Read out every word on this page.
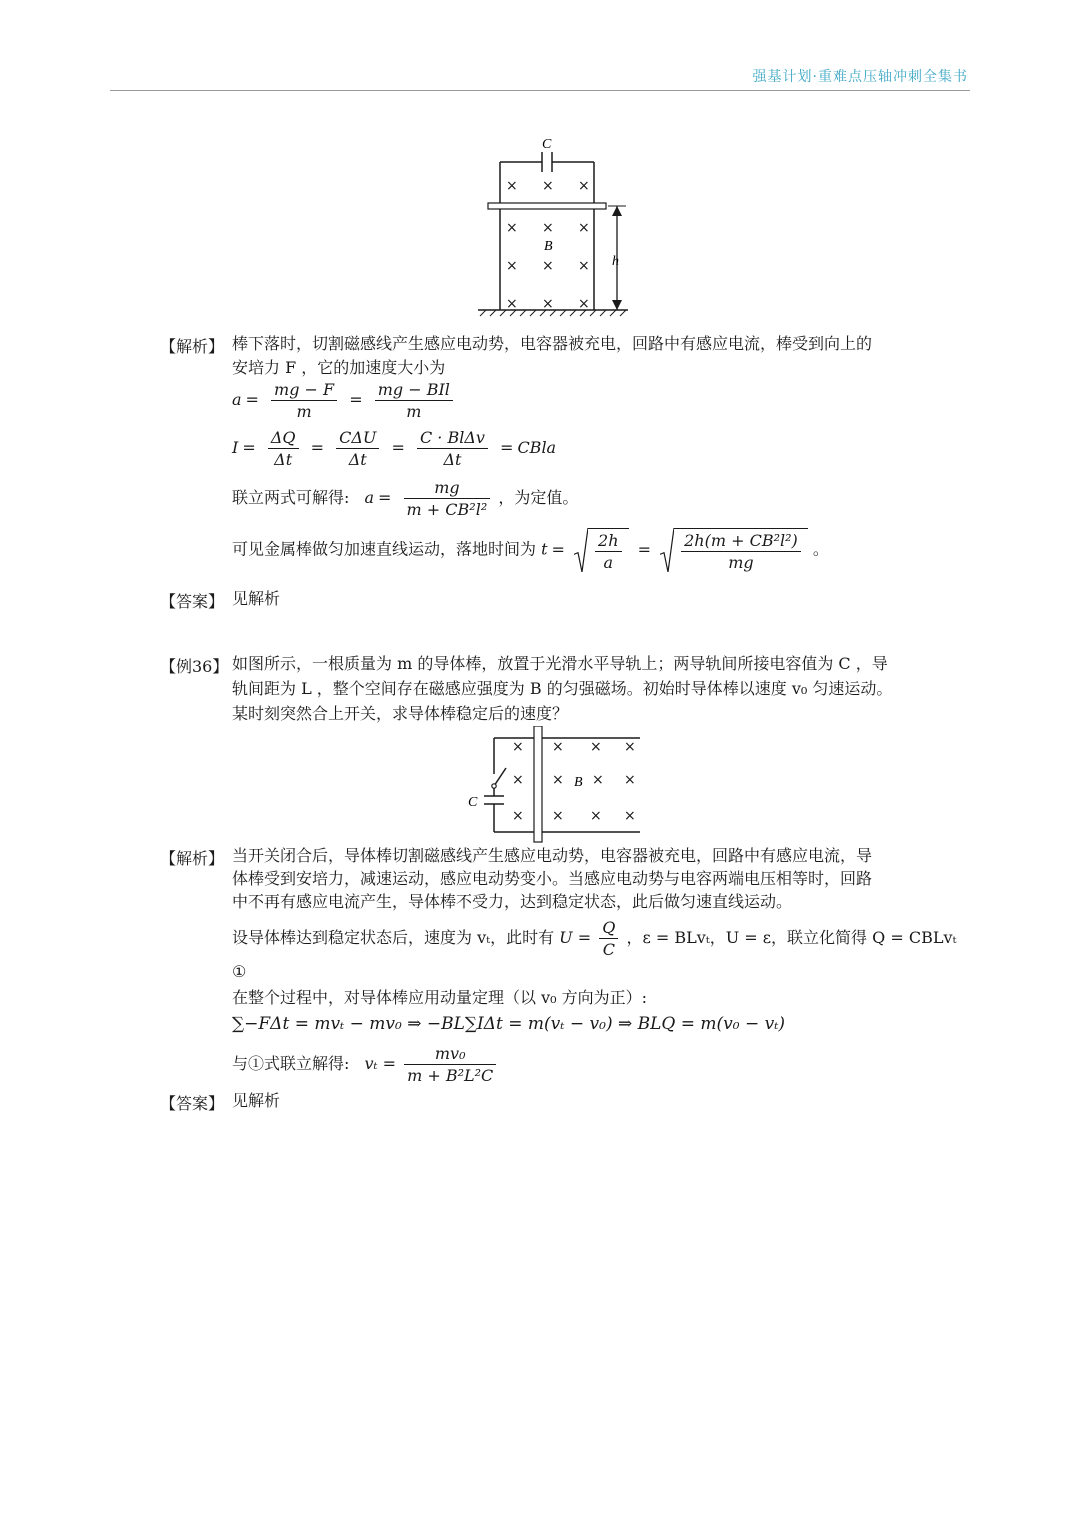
强基计划·重难点压轴冲刺全集书
C
× × ×
× × ×
× × ×
× × ×
B
h
【解析】 棒下落时，切割磁感线产生感应电动势，电容器被充电，回路中有感应电流，棒受到向上的
安培力 F ，它的加速度大小为
$a = \frac{mg - F}{m} = \frac{\text{mg − BIl}}{m}$
$I = \frac{\Delta Q}{\Delta t} = \frac{\text{CΔU}}{\Delta t} = \frac{\text{C · BlΔv}}{\Delta t}$ = CBla
联立两式可解得: $a = \frac{mg}{\text{m + CB²l²}}$ ，为定值。
可见金属棒做匀加速直线运动，落地时间为 $t = \frac{2h}{a} = \frac{\text{2h(m + CB²l²)}}{mg}$ 。
【答案】 见解析
【例36】 如图所示，一根质量为 m 的导体棒，放置于光滑水平导轨上；两导轨间所接电容值为 C ，导
轨间距为 L ，整个空间存在磁感应强度为 B 的匀强磁场。初始时导体棒以速度 v₀ 匀速运动。
某时刻突然合上开关，求导体棒稳定后的速度？
C
× × × ×
× × × ×
× × × ×
B
【解析】 当开关闭合后，导体棒切割磁感线产生感应电动势，电容器被充电，回路中有感应电流，导
体棒受到安培力，减速运动，感应电动势变小。当感应电动势与电容两端电压相等时，回路
中不再有感应电流产生，导体棒不受力，达到稳定状态，此后做匀速直线运动。
设导体棒达到稳定状态后，速度为 vₜ，此时有 $U = \frac{Q}{C}$ ，ε = BLvₜ，U = ε，联立化简得 Q = CBLvₜ
①
在整个过程中，对导体棒应用动量定理（以 v₀ 方向为正）:
∑−FΔt = mvₜ − mv₀ ⇒ −BL∑IΔt = m(vₜ − v₀) ⇒ BLQ = m(v₀ − vₜ)
与①式联立解得: $v_t = \frac{\text{mv₀}}{\text{m + B²L²C}}$
【答案】 见解析
